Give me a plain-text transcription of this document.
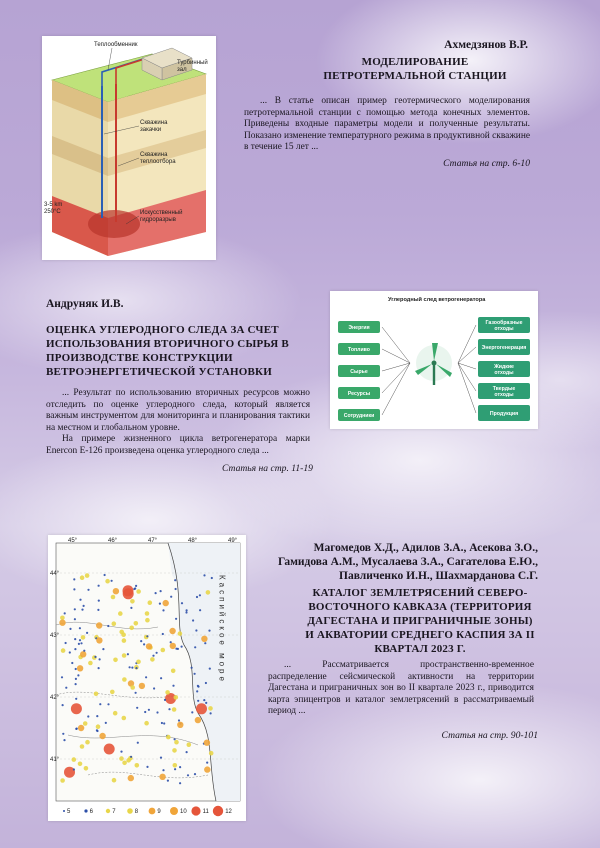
Теплообменник
Турбинный
зал
Скважина
закачки
Скважина
теплоотбора
3-5 km
250°C	Искусственный
гидроразрыв
Ахмедзянов В.Р.
МОДЕЛИРОВАНИЕ ПЕТРОТЕРМАЛЬНОЙ СТАНЦИИ

... В статье описан пример геотермического моделирования петротермальной станции с помощью метода конечных элементов. Приведены входные параметры модели и полученные результаты. Показано изменение температурного режима в продуктивной скважине в течение 15 лет ...

Статья на стр. 6-10
Андруняк И.В.
ОЦЕНКА УГЛЕРОДНОГО СЛЕДА ЗА СЧЕТ ИСПОЛЬЗОВАНИЯ ВТОРИЧНОГО СЫРЬЯ В ПРОИЗВОДСТВЕ КОНСТРУКЦИИ ВЕТРОЭНЕРГЕТИЧЕСКОЙ УСТАНОВКИ

... Результат по использованию вторичных ресурсов можно отследить по оценке углеродного следа, который является важным инструментом для мониторинга и планирования тактики на местном и глобальном уровне.

На примере жизненного цикла ветрогенератора марки Enercon E-126 произведена оценка углеродного следа ...

Статья на стр. 11-19
Углеродный след ветрогенератора
Энергия
Топливо
Сырье
Ресурсы
Сотрудники
Газообразные
отходы
Энергогенерация
Жидкие
отходы
Твердые
отходы
Продукция
Каспийское море
44°
43°
42°
41°
45°	46°	47°	48°	49°
5	6	7	8	9	10	11	12
Магомедов Х.Д., Адилов З.А., Асекова З.О., Гамидова А.М., Мусалаева З.А., Сагателова Е.Ю., Павличенко И.Н., Шахмарданова С.Г.
КАТАЛОГ ЗЕМЛЕТРЯСЕНИЙ СЕВЕРО-ВОСТОЧНОГО КАВКАЗА (ТЕРРИТОРИЯ ДАГЕСТАНА И ПРИГРАНИЧНЫЕ ЗОНЫ) И АКВАТОРИИ СРЕДНЕГО КАСПИЯ ЗА II КВАРТАЛ 2023 Г.

... Рассматривается пространственно-временное распределение сейсмической активности на территории Дагестана и приграничных зон во II квартале 2023 г., приводится карта эпицентров и каталог землетрясений в рассматриваемый период ...

Статья на стр. 90-101
